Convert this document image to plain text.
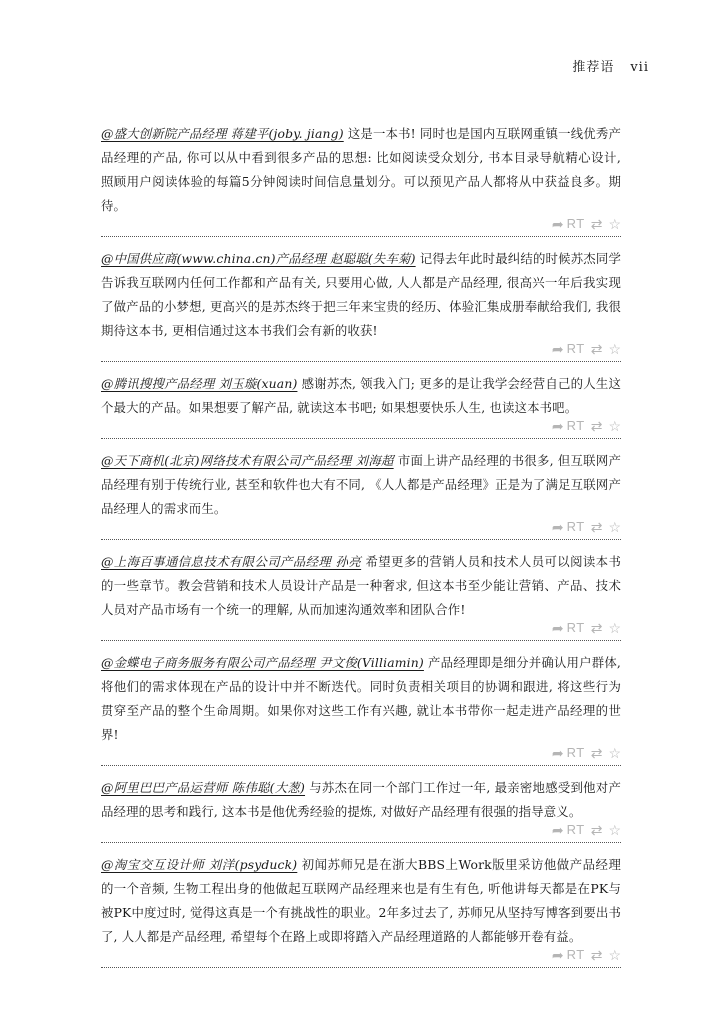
推荐语 vii

@盛大创新院产品经理 蒋建平(joby. jiang) 这是一本书! 同时也是国内互联网重镇一线优秀产品经理的产品, 你可以从中看到很多产品的思想: 比如阅读受众划分, 书本目录导航精心设计, 照顾用户阅读体验的每篇5分钟阅读时间信息量划分。可以预见产品人都将从中获益良多。期待。

➦ RT ⇄ ☆

@中国供应商(www.china.cn)产品经理 赵聪聪(失车菊) 记得去年此时最纠结的时候苏杰同学告诉我互联网内任何工作都和产品有关, 只要用心做, 人人都是产品经理, 很高兴一年后我实现了做产品的小梦想, 更高兴的是苏杰终于把三年来宝贵的经历、体验汇集成册奉献给我们, 我很期待这本书, 更相信通过这本书我们会有新的收获!

➦ RT ⇄ ☆

@腾讯搜搜产品经理 刘玉璇(xuan) 感谢苏杰, 领我入门; 更多的是让我学会经营自己的人生这个最大的产品。如果想要了解产品, 就读这本书吧; 如果想要快乐人生, 也读这本书吧。

➦ RT ⇄ ☆

@天下商机(北京)网络技术有限公司产品经理 刘海超 市面上讲产品经理的书很多, 但互联网产品经理有别于传统行业, 甚至和软件也大有不同, 《人人都是产品经理》正是为了满足互联网产品经理人的需求而生。

➦ RT ⇄ ☆

@上海百事通信息技术有限公司产品经理 孙亮 希望更多的营销人员和技术人员可以阅读本书的一些章节。教会营销和技术人员设计产品是一种奢求, 但这本书至少能让营销、产品、技术人员对产品市场有一个统一的理解, 从而加速沟通效率和团队合作!

➦ RT ⇄ ☆

@金蝶电子商务服务有限公司产品经理 尹文俊(Villiamin) 产品经理即是细分并确认用户群体, 将他们的需求体现在产品的设计中并不断迭代。同时负责相关项目的协调和跟进, 将这些行为贯穿至产品的整个生命周期。如果你对这些工作有兴趣, 就让本书带你一起走进产品经理的世界!

➦ RT ⇄ ☆

@阿里巴巴产品运营师 陈伟聪(大葱) 与苏杰在同一个部门工作过一年, 最亲密地感受到他对产品经理的思考和践行, 这本书是他优秀经验的提炼, 对做好产品经理有很强的指导意义。

➦ RT ⇄ ☆

@淘宝交互设计师 刘洋(psyduck) 初闻苏师兄是在浙大BBS上Work版里采访他做产品经理的一个音频, 生物工程出身的他做起互联网产品经理来也是有生有色, 听他讲每天都是在PK与被PK中度过时, 觉得这真是一个有挑战性的职业。2年多过去了, 苏师兄从坚持写博客到要出书了, 人人都是产品经理, 希望每个在路上或即将踏入产品经理道路的人都能够开卷有益。

➦ RT ⇄ ☆
